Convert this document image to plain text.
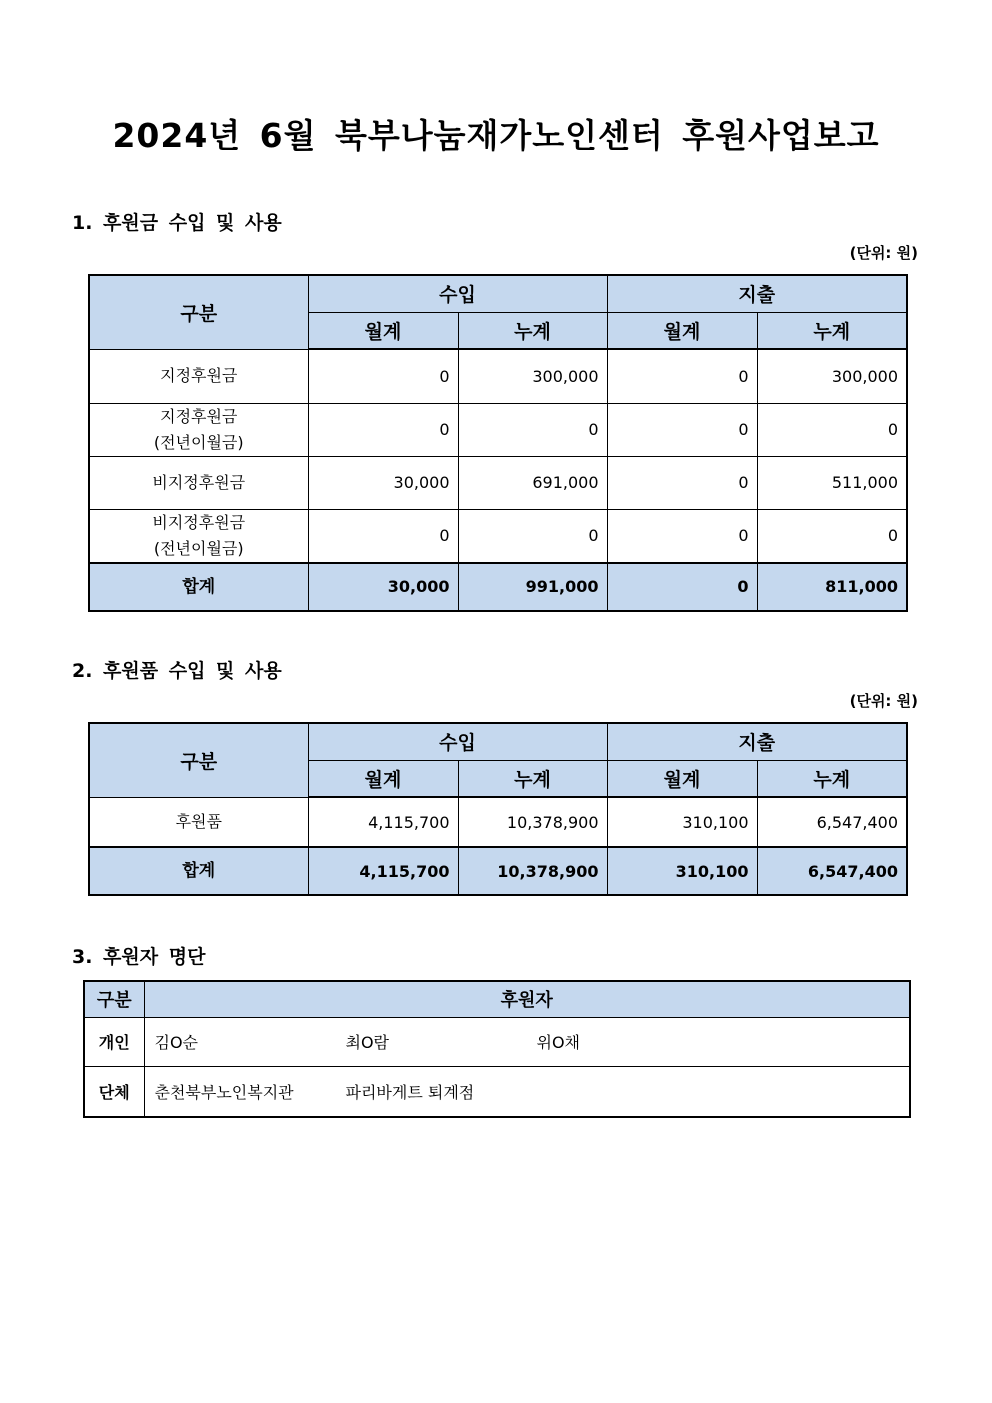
2024년 6월 북부나눔재가노인센터 후원사업보고
1. 후원금 수입 및 사용
(단위: 원)
구분	수입		지출	
	월계	누계	월계	누계
지정후원금	0	300,000	0	300,000
지정후원금
(전년이월금)	0	0	0	0
비지정후원금	30,000	691,000	0	511,000
비지정후원금
(전년이월금)	0	0	0	0
합계	30,000	991,000	0	811,000
2. 후원품 수입 및 사용
(단위: 원)
구분	수입		지출	
	월계	누계	월계	누계
후원품	4,115,700	10,378,900	310,100	6,547,400
합계	4,115,700	10,378,900	310,100	6,547,400
3. 후원자 명단
구분	후원자
개인	김O순 최O람 위O채
단체	춘천북부노인복지관 파리바게트 퇴계점
